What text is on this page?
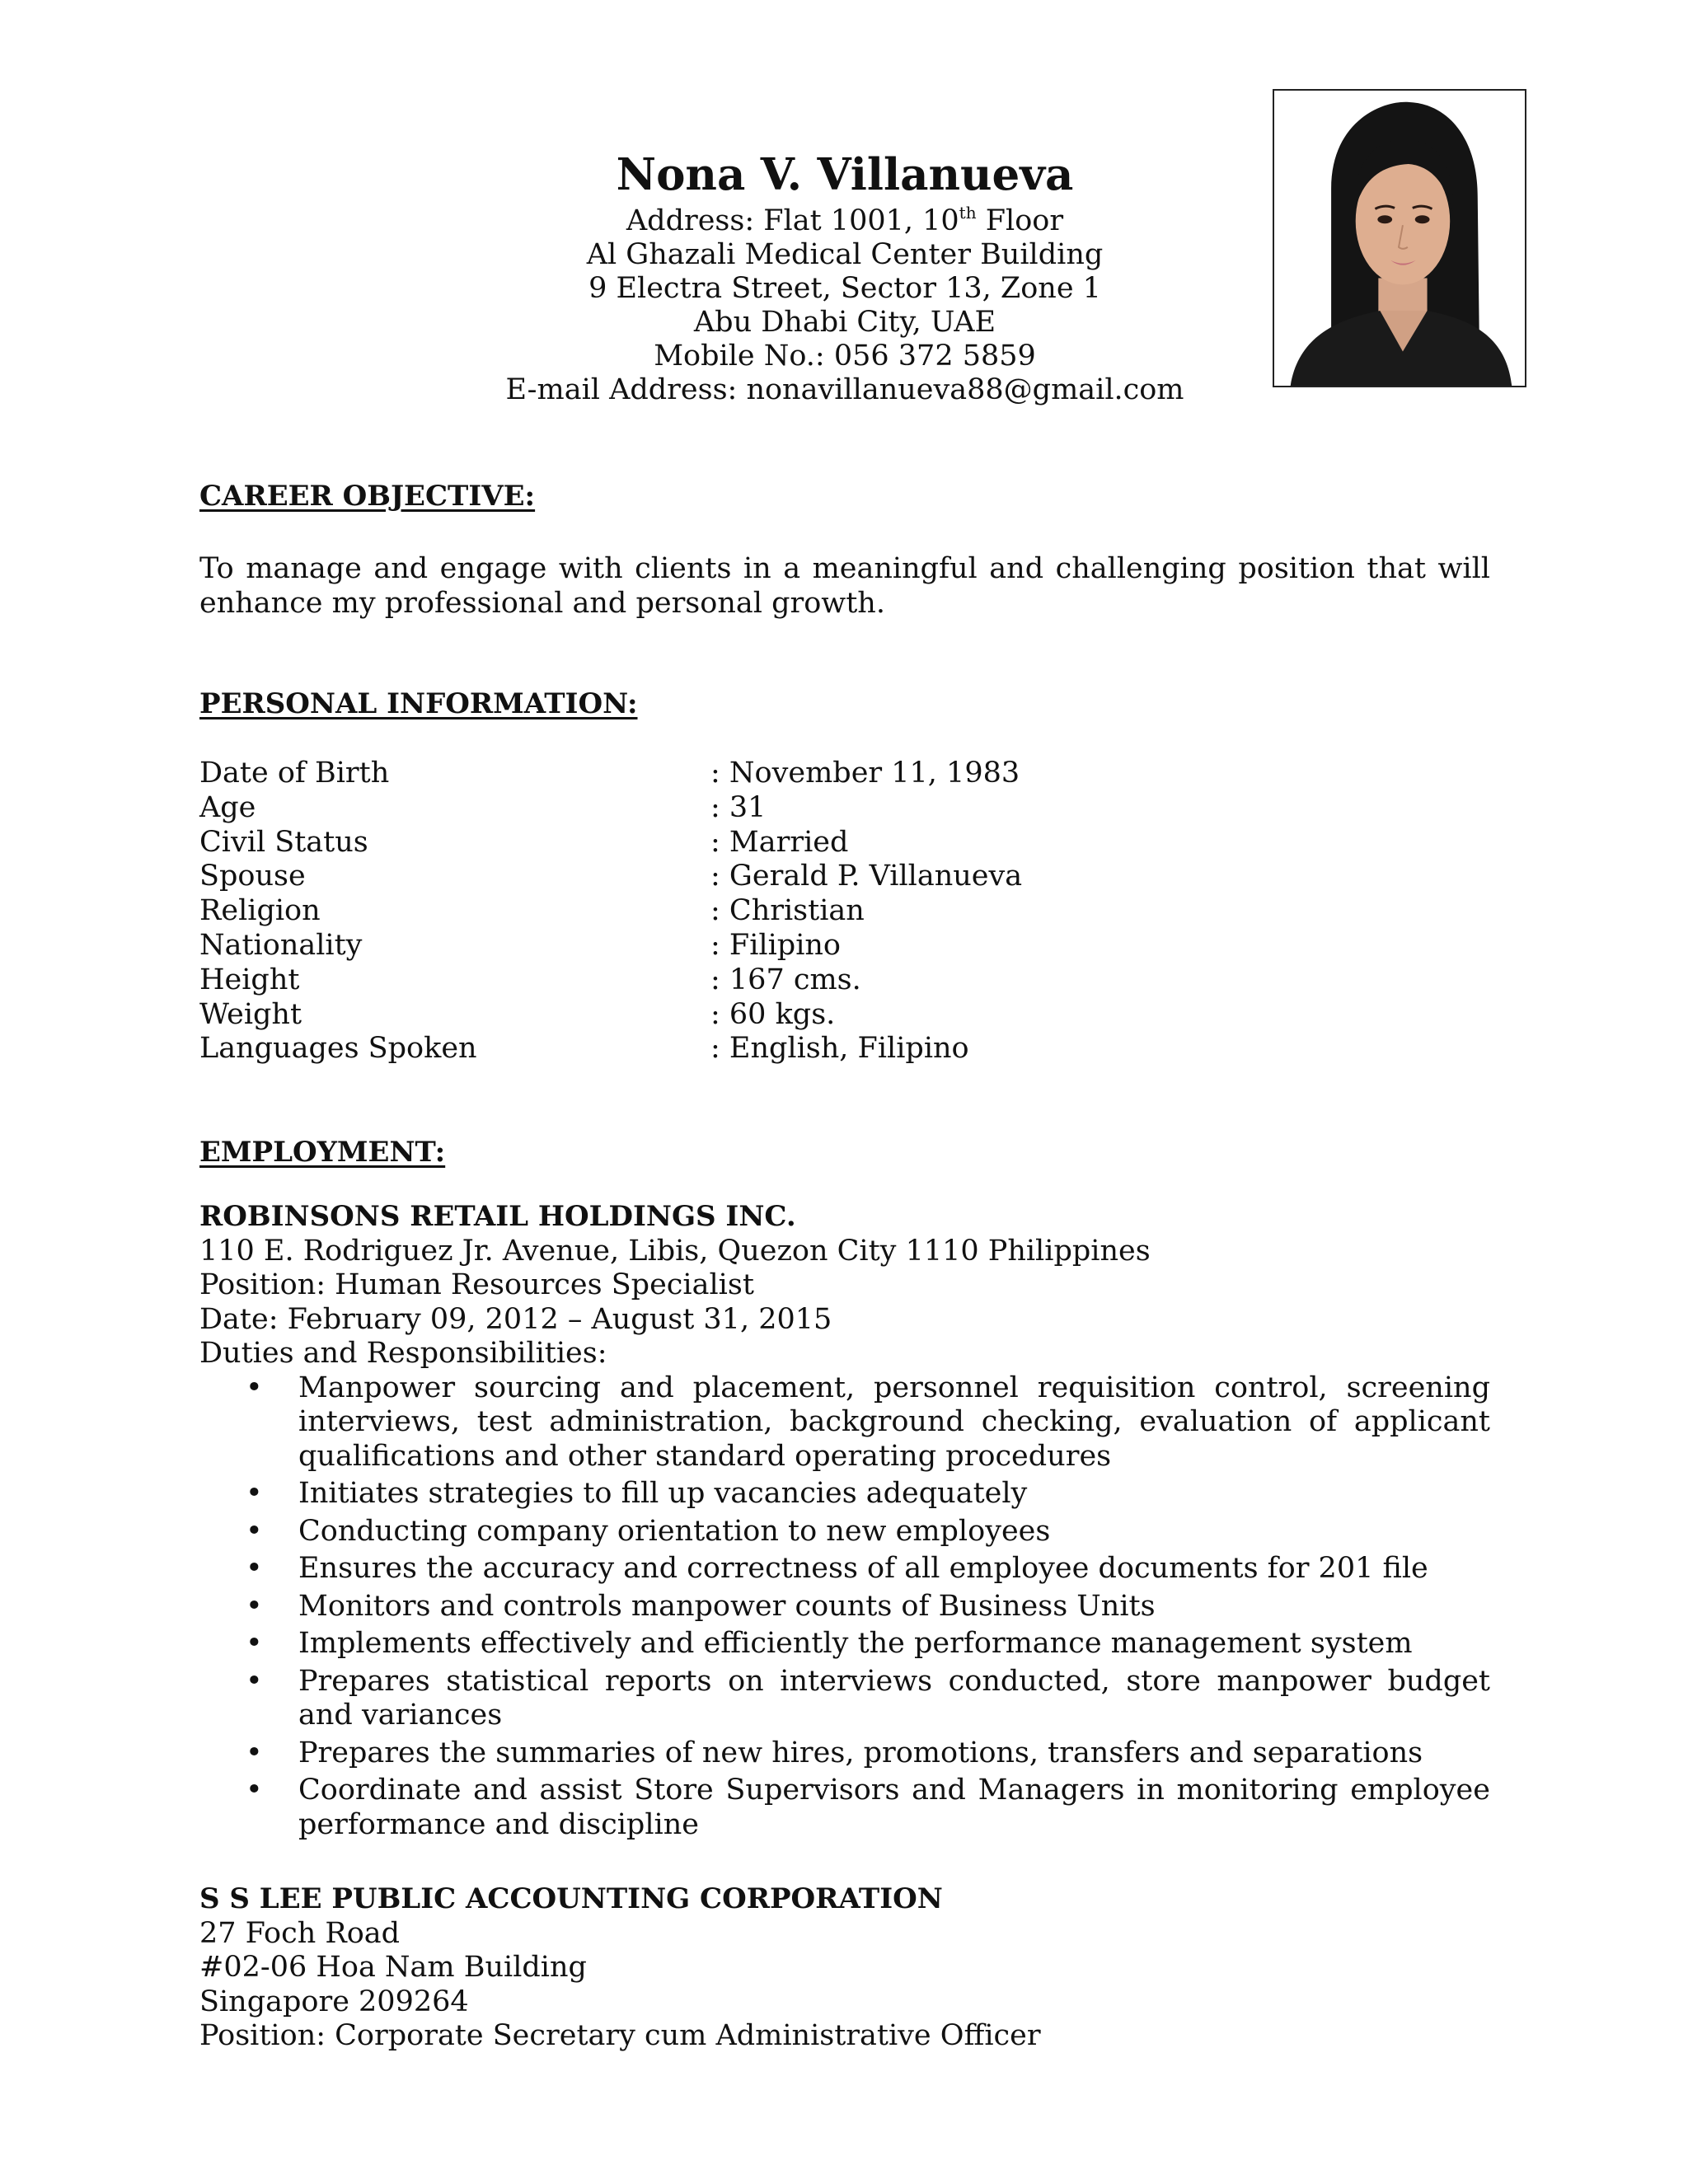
Nona V. Villanueva
Address: Flat 1001, 10th Floor
Al Ghazali Medical Center Building
9 Electra Street, Sector 13, Zone 1
Abu Dhabi City, UAE
Mobile No.: 056 372 5859
E-mail Address: nonavillanueva88@gmail.com
CAREER OBJECTIVE:
To manage and engage with clients in a meaningful and challenging position that will enhance my professional and personal growth.
PERSONAL INFORMATION:
Date of Birth	: November 11, 1983
Age	: 31
Civil Status	: Married
Spouse	: Gerald P. Villanueva
Religion	: Christian
Nationality	: Filipino
Height	: 167 cms.
Weight	: 60 kgs.
Languages Spoken	: English, Filipino
EMPLOYMENT:
ROBINSONS RETAIL HOLDINGS INC.
110 E. Rodriguez Jr. Avenue, Libis, Quezon City 1110 Philippines
Position: Human Resources Specialist
Date: February 09, 2012 – August 31, 2015
Duties and Responsibilities:
• Manpower sourcing and placement, personnel requisition control, screening interviews, test administration, background checking, evaluation of applicant qualifications and other standard operating procedures
• Initiates strategies to fill up vacancies adequately
• Conducting company orientation to new employees
• Ensures the accuracy and correctness of all employee documents for 201 file
• Monitors and controls manpower counts of Business Units
• Implements effectively and efficiently the performance management system
• Prepares statistical reports on interviews conducted, store manpower budget and variances
• Prepares the summaries of new hires, promotions, transfers and separations
• Coordinate and assist Store Supervisors and Managers in monitoring employee performance and discipline
S S LEE PUBLIC ACCOUNTING CORPORATION
27 Foch Road
#02-06 Hoa Nam Building
Singapore 209264
Position: Corporate Secretary cum Administrative Officer
